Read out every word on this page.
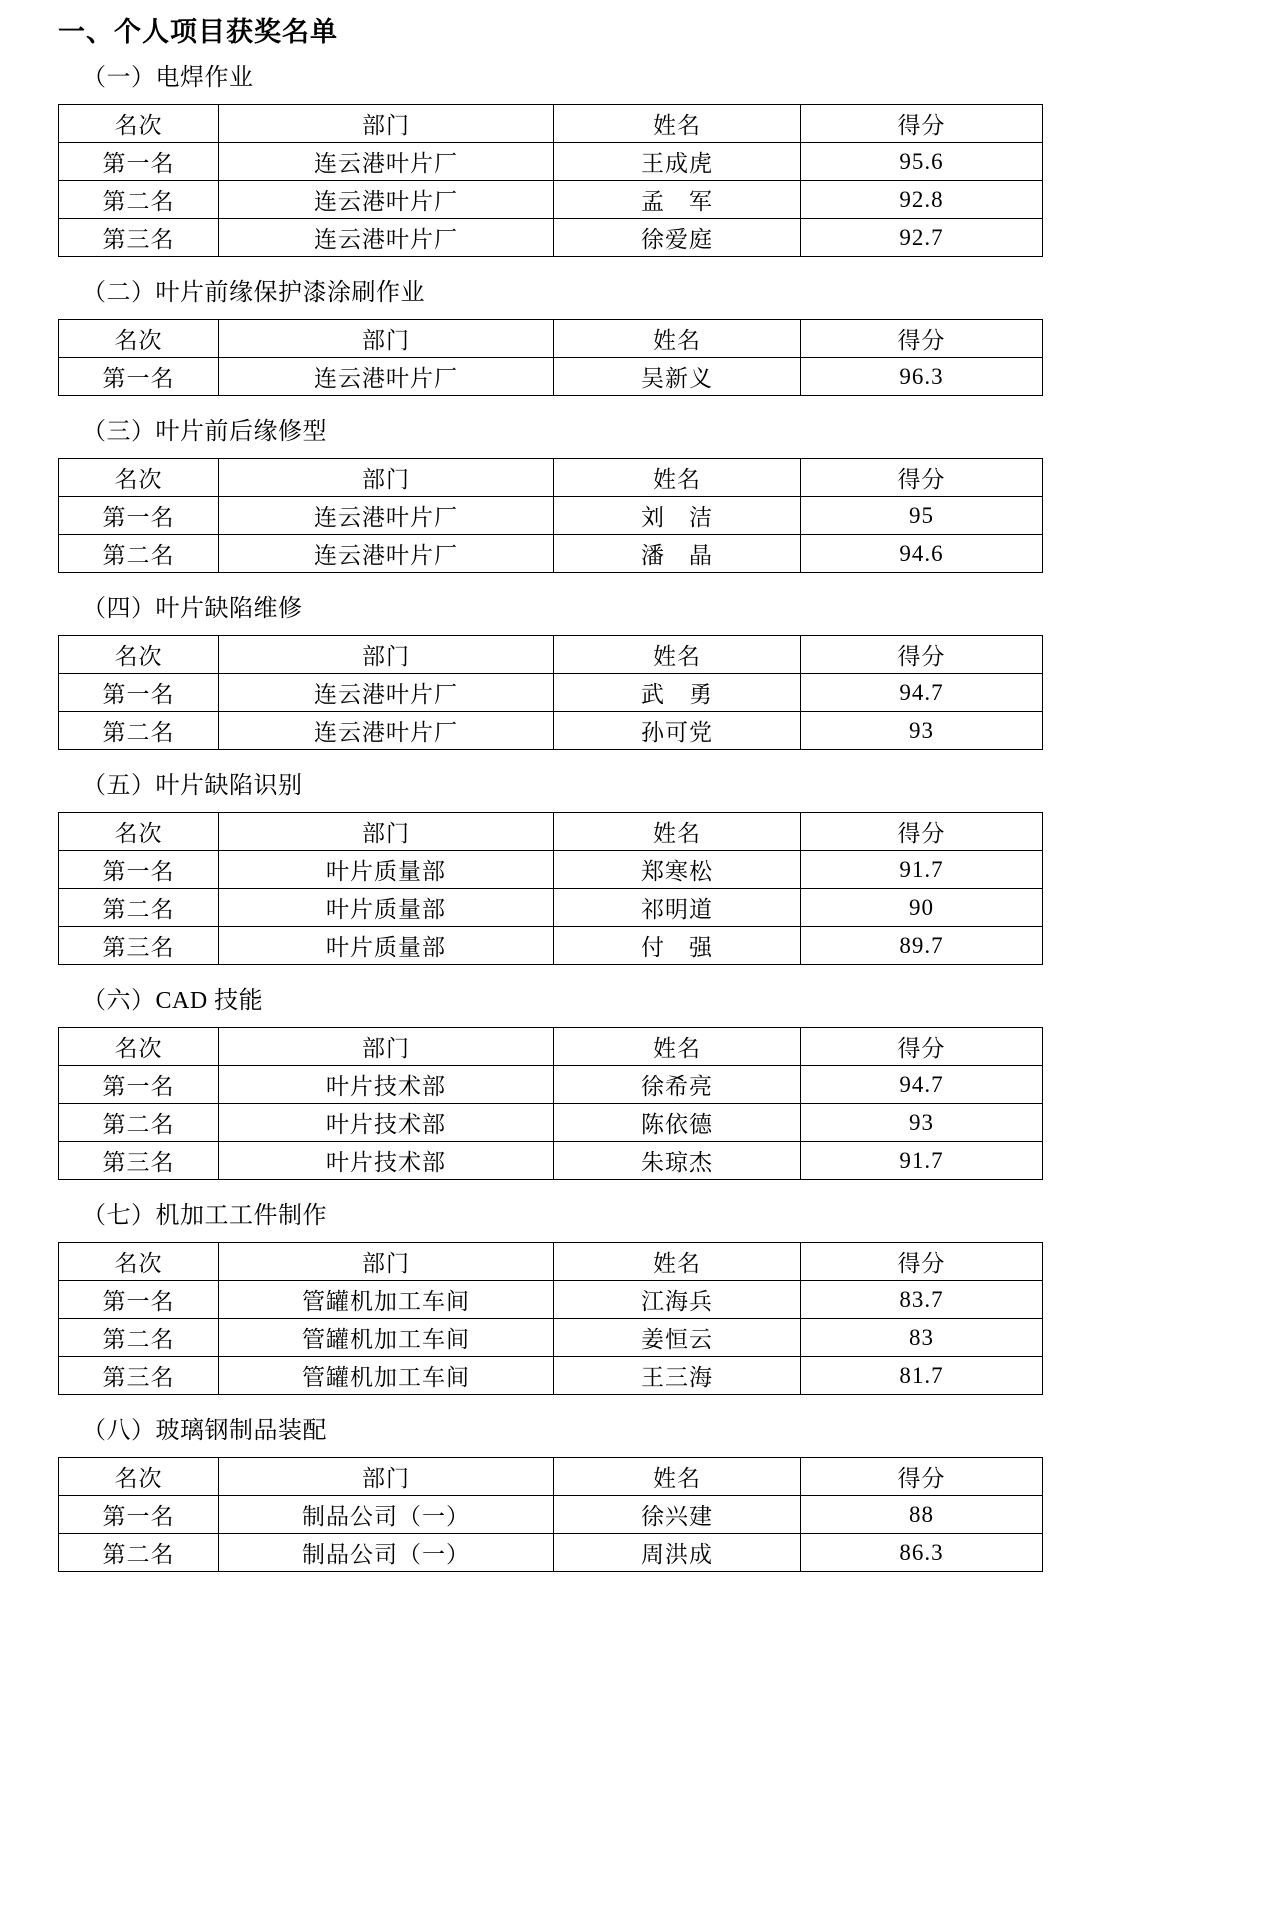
一、个人项目获奖名单
（一）电焊作业
名次	部门	姓名	得分
第一名	连云港叶片厂	王成虎	95.6
第二名	连云港叶片厂	孟　军	92.8
第三名	连云港叶片厂	徐爱庭	92.7
（二）叶片前缘保护漆涂刷作业
名次	部门	姓名	得分
第一名	连云港叶片厂	吴新义	96.3
（三）叶片前后缘修型
名次	部门	姓名	得分
第一名	连云港叶片厂	刘　洁	95
第二名	连云港叶片厂	潘　晶	94.6
（四）叶片缺陷维修
名次	部门	姓名	得分
第一名	连云港叶片厂	武　勇	94.7
第二名	连云港叶片厂	孙可党	93
（五）叶片缺陷识别
名次	部门	姓名	得分
第一名	叶片质量部	郑寒松	91.7
第二名	叶片质量部	祁明道	90
第三名	叶片质量部	付　强	89.7
（六）CAD 技能
名次	部门	姓名	得分
第一名	叶片技术部	徐希亮	94.7
第二名	叶片技术部	陈依德	93
第三名	叶片技术部	朱琼杰	91.7
（七）机加工工件制作
名次	部门	姓名	得分
第一名	管罐机加工车间	江海兵	83.7
第二名	管罐机加工车间	姜恒云	83
第三名	管罐机加工车间	王三海	81.7
（八）玻璃钢制品装配
名次	部门	姓名	得分
第一名	制品公司（一）	徐兴建	88
第二名	制品公司（一）	周洪成	86.3
